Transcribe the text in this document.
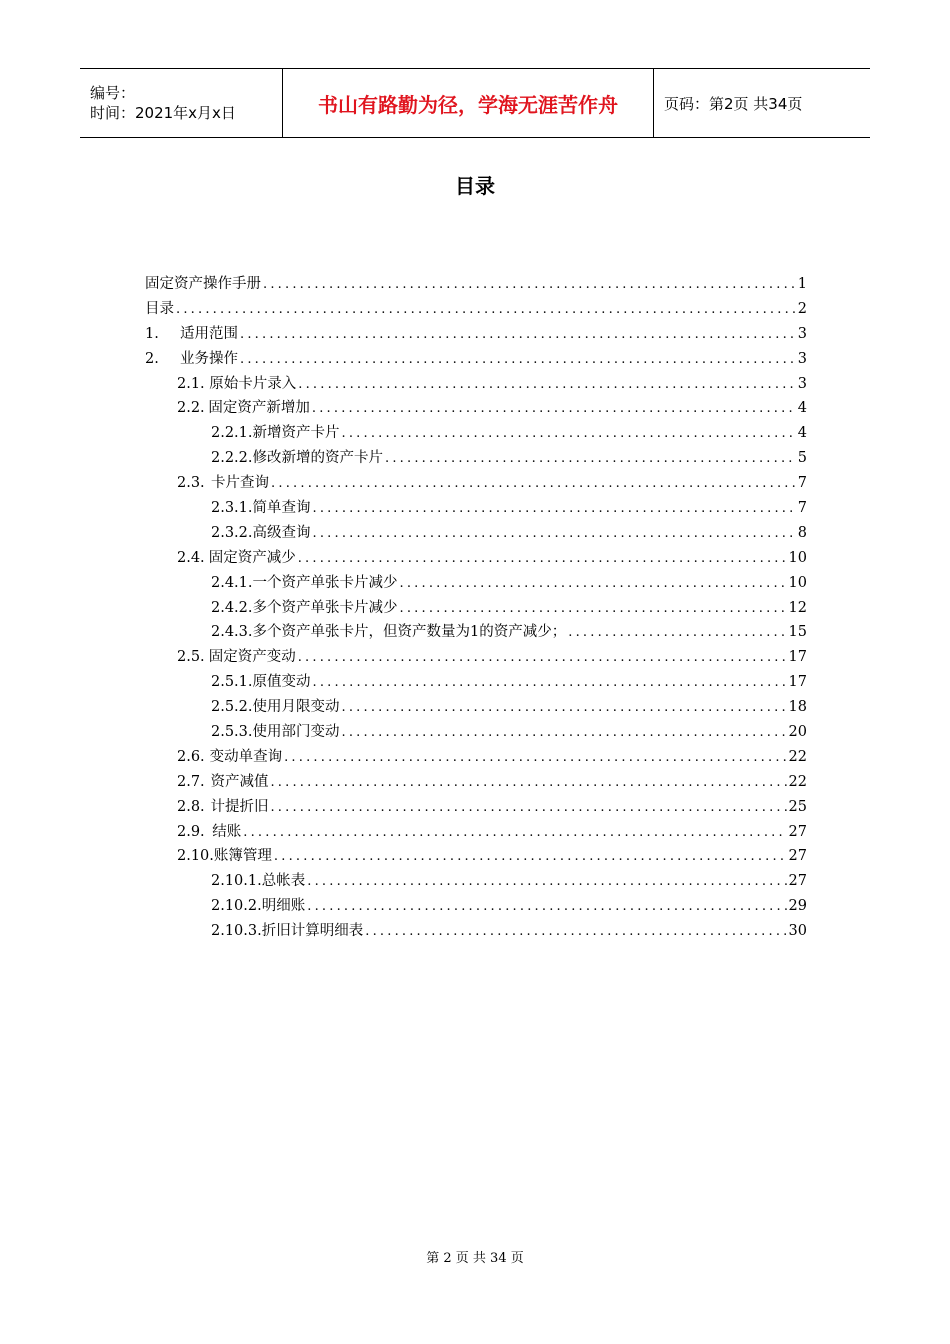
编号：
时间：2021年x月x日	书山有路勤为径，学海无涯苦作舟	页码：第2页 共34页
目录
固定资产操作手册 .....	1
目录 .....	2
1.	适用范围 .....	3
2.	业务操作 .....	3
2.1. 原始卡片录入 .....	3
2.2. 固定资产新增加 .....	4
2.2.1. 新增资产卡片 .....	4
2.2.2. 修改新增的资产卡片 .....	5
2.3. 卡片查询 .....	7
2.3.1. 简单查询 .....	7
2.3.2. 高级查询 .....	8
2.4. 固定资产减少 .....	10
2.4.1. 一个资产单张卡片减少 .....	10
2.4.2. 多个资产单张卡片减少 .....	12
2.4.3. 多个资产单张卡片，但资产数量为1的资产减少； .....	15
2.5. 固定资产变动 .....	17
2.5.1. 原值变动 .....	17
2.5.2. 使用月限变动 .....	18
2.5.3. 使用部门变动 .....	20
2.6. 变动单查询 .....	22
2.7. 资产减值 .....	22
2.8. 计提折旧 .....	25
2.9. 结账 .....	27
2.10. 账簿管理 .....	27
2.10.1. 总帐表 .....	27
2.10.2. 明细账 .....	29
2.10.3. 折旧计算明细表 .....	30
第 2 页 共 34 页
